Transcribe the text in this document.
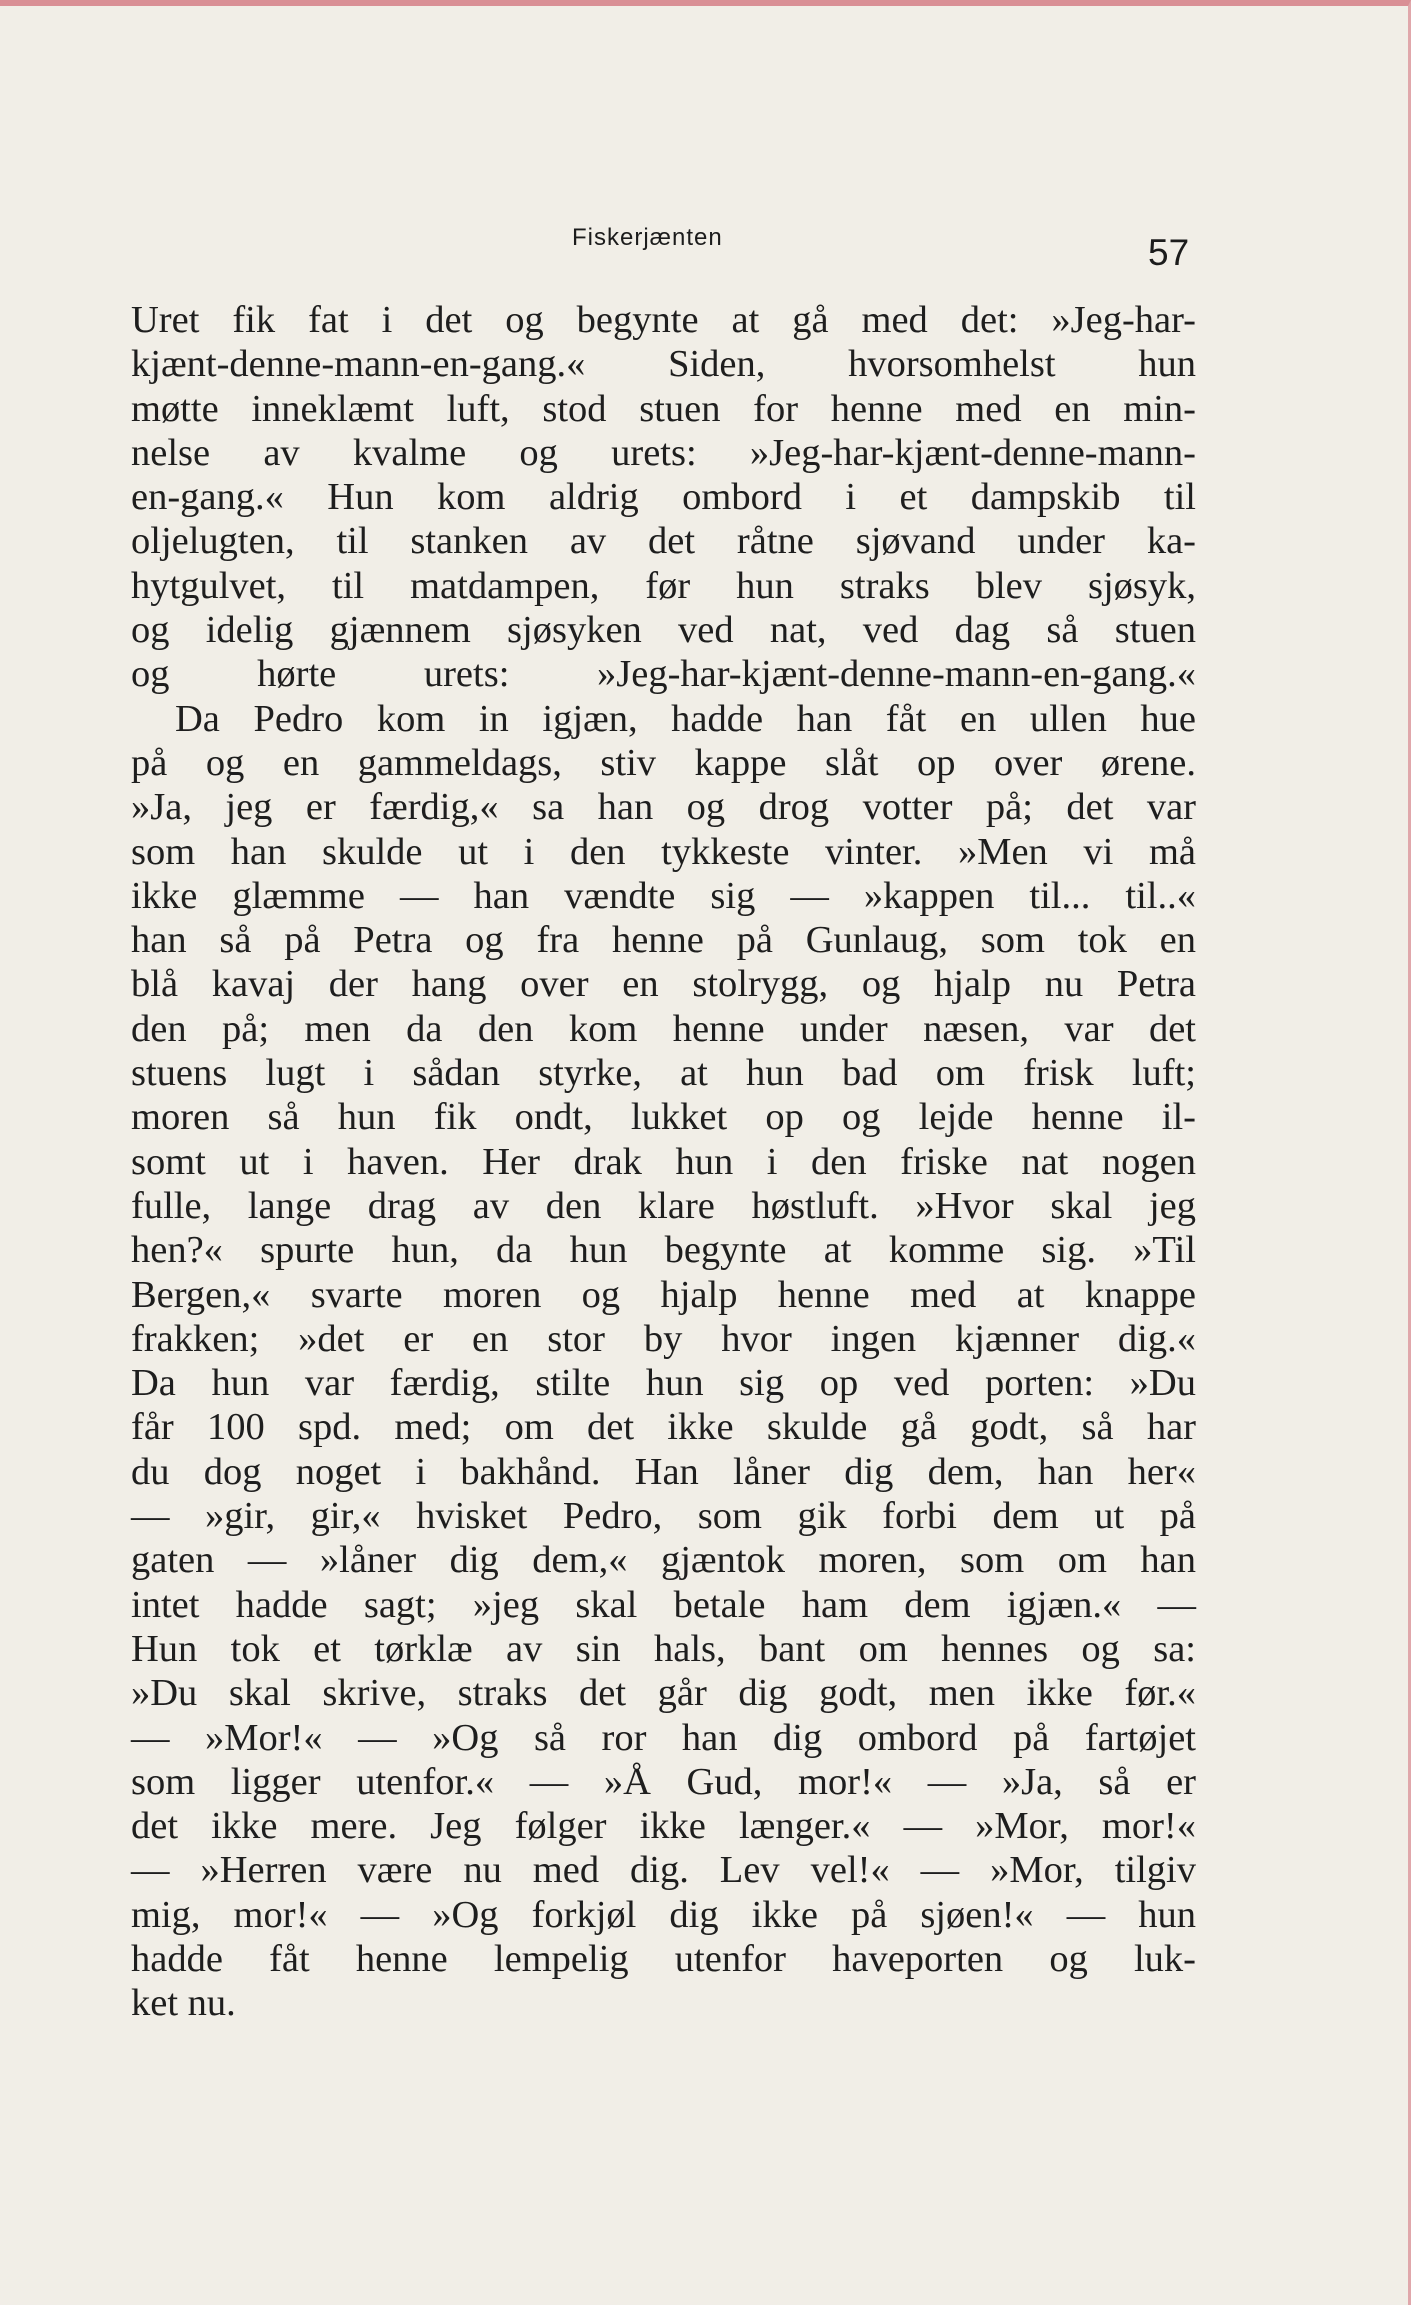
Fiskerjænten	57
Uret fik fat i det og begynte at gå med det: »Jeg-har-
kjænt-denne-mann-en-gang.« Siden, hvorsomhelst hun
møtte inneklæmt luft, stod stuen for henne med en min-
nelse av kvalme og urets: »Jeg-har-kjænt-denne-mann-
en-gang.« Hun kom aldrig ombord i et dampskib til
oljelugten, til stanken av det råtne sjøvand under ka-
hytgulvet, til matdampen, før hun straks blev sjøsyk,
og idelig gjænnem sjøsyken ved nat, ved dag så stuen
og hørte urets: »Jeg-har-kjænt-denne-mann-en-gang.«
Da Pedro kom in igjæn, hadde han fåt en ullen hue
på og en gammeldags, stiv kappe slåt op over ørene.
»Ja, jeg er færdig,« sa han og drog votter på; det var
som han skulde ut i den tykkeste vinter. »Men vi må
ikke glæmme — han vændte sig — »kappen til... til..«
han så på Petra og fra henne på Gunlaug, som tok en
blå kavaj der hang over en stolrygg, og hjalp nu Petra
den på; men da den kom henne under næsen, var det
stuens lugt i sådan styrke, at hun bad om frisk luft;
moren så hun fik ondt, lukket op og lejde henne il-
somt ut i haven. Her drak hun i den friske nat nogen
fulle, lange drag av den klare høstluft. »Hvor skal jeg
hen?« spurte hun, da hun begynte at komme sig. »Til
Bergen,« svarte moren og hjalp henne med at knappe
frakken; »det er en stor by hvor ingen kjænner dig.«
Da hun var færdig, stilte hun sig op ved porten: »Du
får 100 spd. med; om det ikke skulde gå godt, så har
du dog noget i bakhånd. Han låner dig dem, han her«
— »gir, gir,« hvisket Pedro, som gik forbi dem ut på
gaten — »låner dig dem,« gjæntok moren, som om han
intet hadde sagt; »jeg skal betale ham dem igjæn.« —
Hun tok et tørklæ av sin hals, bant om hennes og sa:
»Du skal skrive, straks det går dig godt, men ikke før.«
— »Mor!« — »Og så ror han dig ombord på fartøjet
som ligger utenfor.« — »Å Gud, mor!« — »Ja, så er
det ikke mere. Jeg følger ikke længer.« — »Mor, mor!«
— »Herren være nu med dig. Lev vel!« — »Mor, tilgiv
mig, mor!« — »Og forkjøl dig ikke på sjøen!« — hun
hadde fåt henne lempelig utenfor haveporten og luk-
ket nu.
